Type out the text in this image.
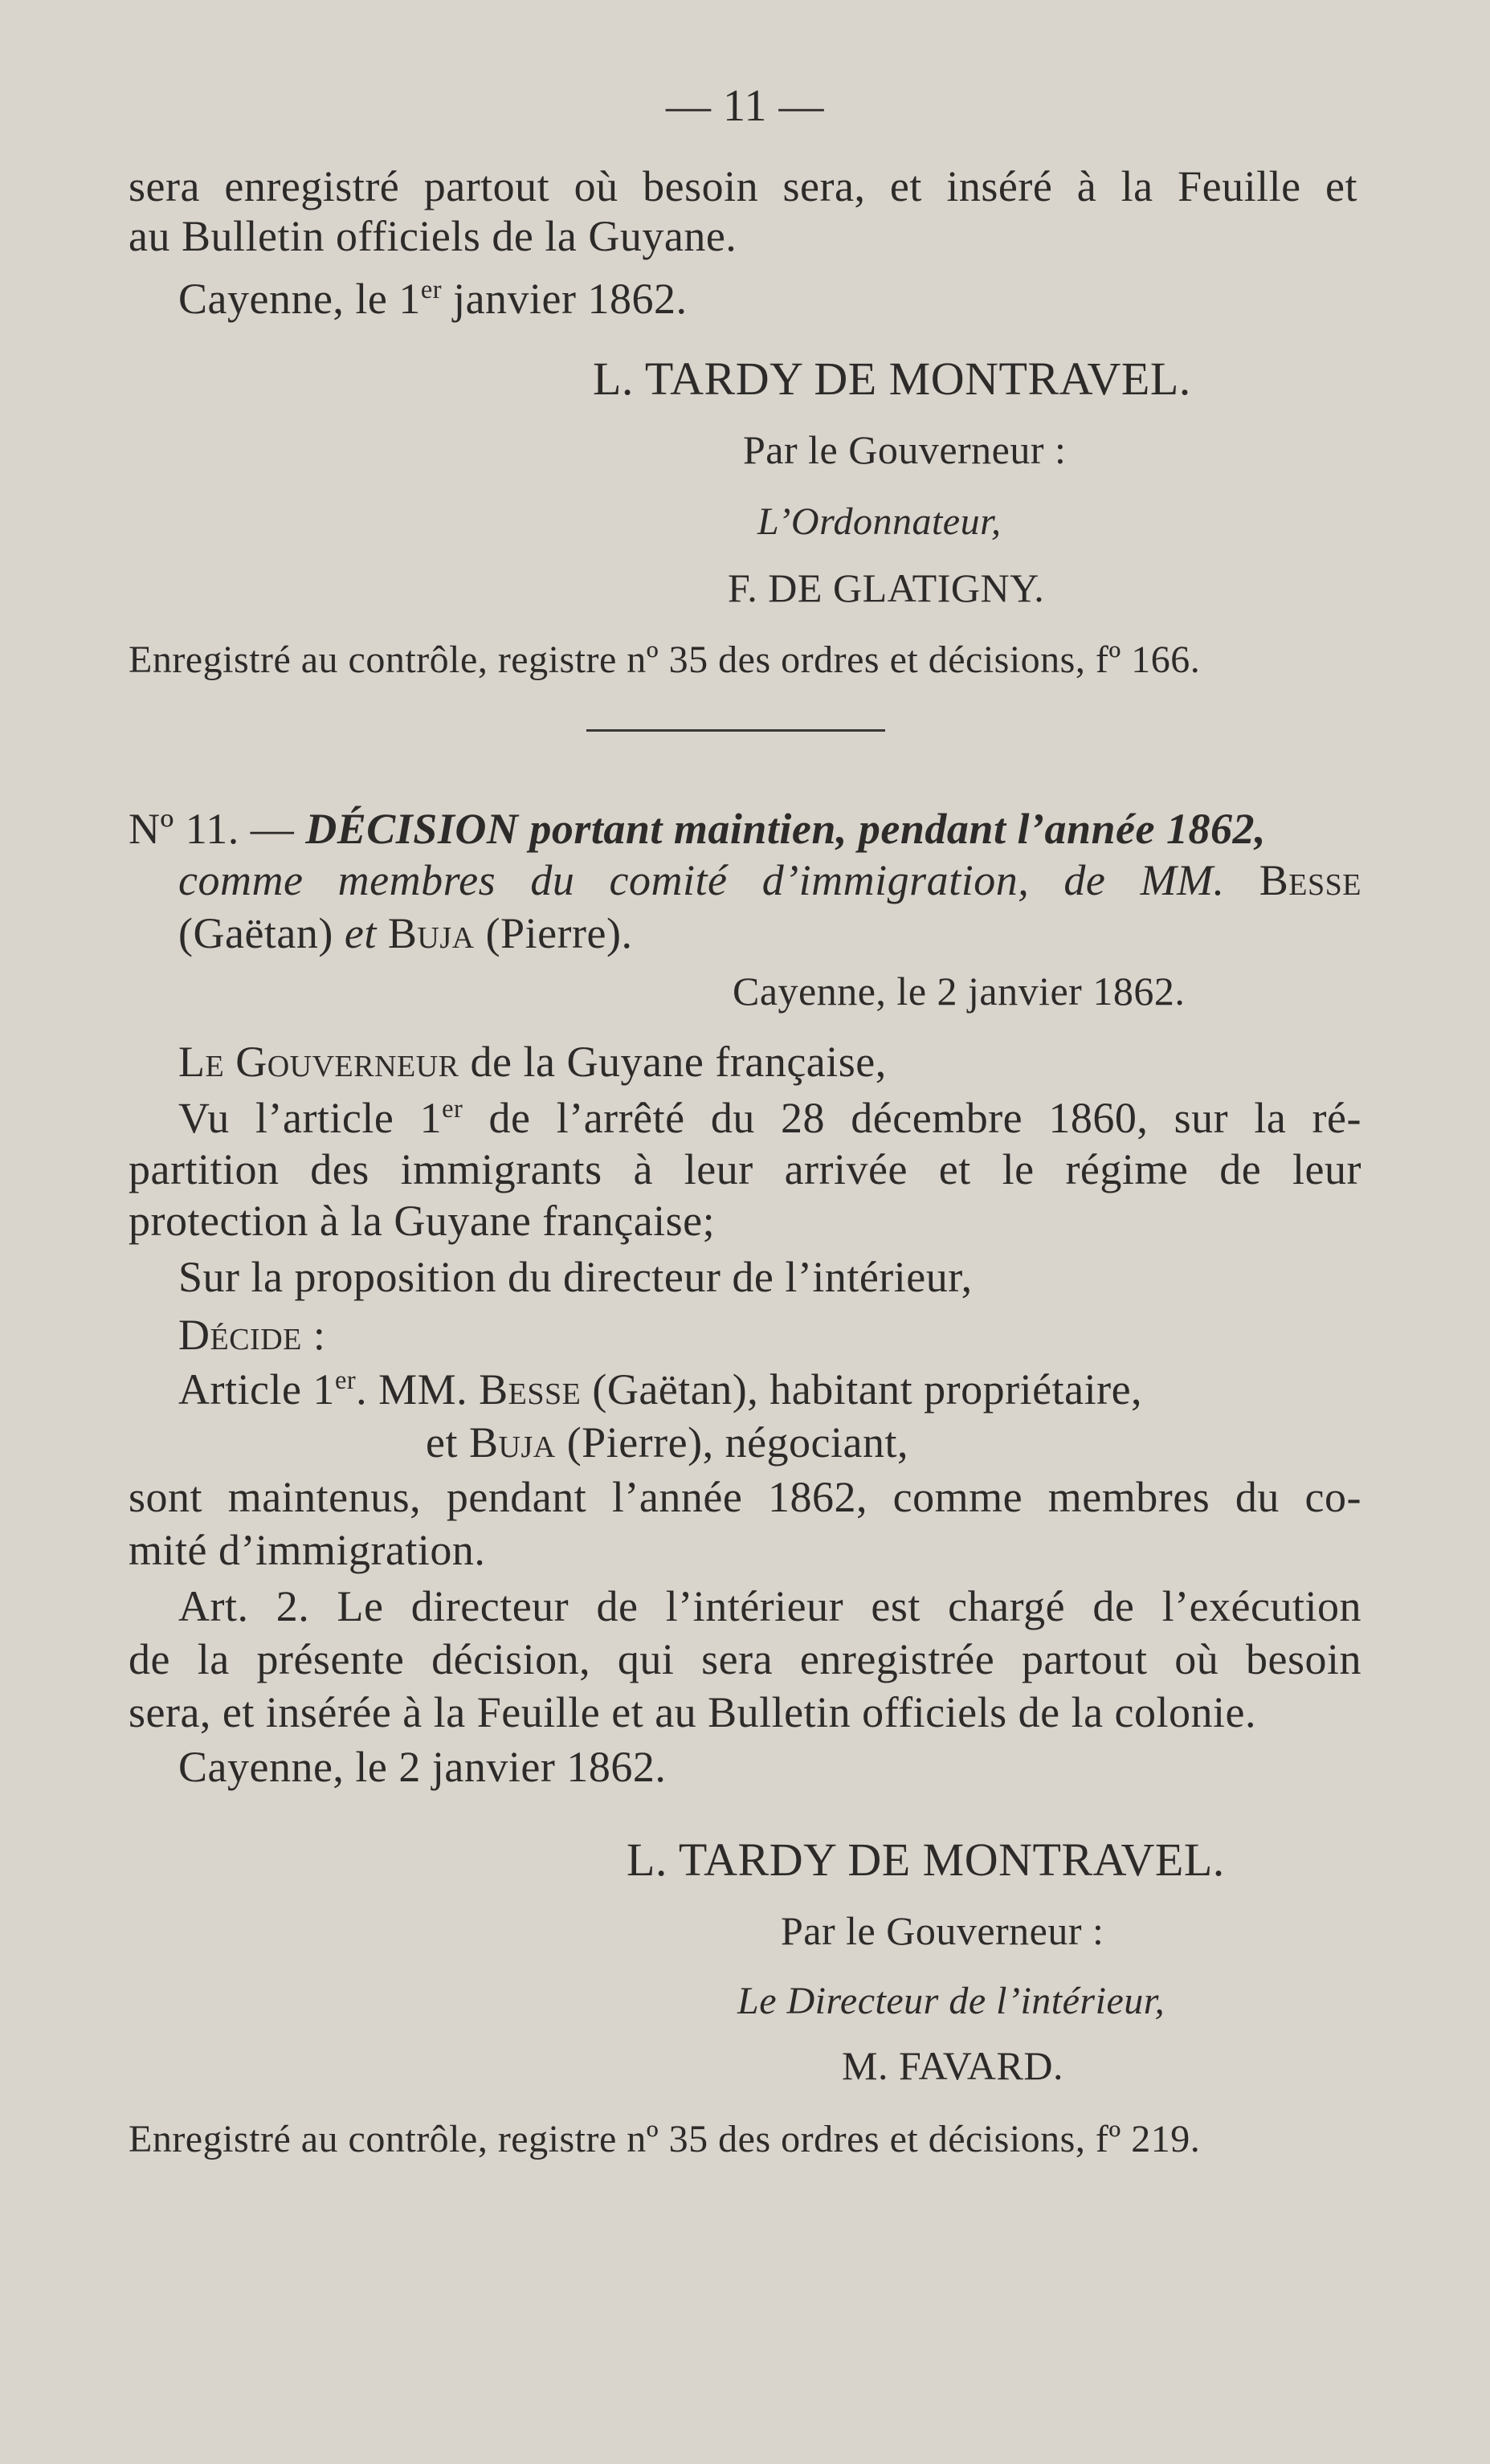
— 11 —
sera enregistré partout où besoin sera, et inséré à la Feuille et
au Bulletin officiels de la Guyane.
Cayenne, le 1er janvier 1862.
L. TARDY DE MONTRAVEL.
Par le Gouverneur :
L’Ordonnateur,
F. DE GLATIGNY.
Enregistré au contrôle, registre nº 35 des ordres et décisions, fº 166.
Nº 11. — DÉCISION portant maintien, pendant l’année 1862,
comme membres du comité d’immigration, de MM. Besse
(Gaëtan) et Buja (Pierre).
Cayenne, le 2 janvier 1862.
Le Gouverneur de la Guyane française,
Vu l’article 1er de l’arrêté du 28 décembre 1860, sur la ré-
partition des immigrants à leur arrivée et le régime de leur
protection à la Guyane française;
Sur la proposition du directeur de l’intérieur,
Décide :
Article 1er. MM. Besse (Gaëtan), habitant propriétaire,
et Buja (Pierre), négociant,
sont maintenus, pendant l’année 1862, comme membres du co-
mité d’immigration.
Art. 2. Le directeur de l’intérieur est chargé de l’exécution
de la présente décision, qui sera enregistrée partout où besoin
sera, et insérée à la Feuille et au Bulletin officiels de la colonie.
Cayenne, le 2 janvier 1862.
L. TARDY DE MONTRAVEL.
Par le Gouverneur :
Le Directeur de l’intérieur,
M. FAVARD.
Enregistré au contrôle, registre nº 35 des ordres et décisions, fº 219.
